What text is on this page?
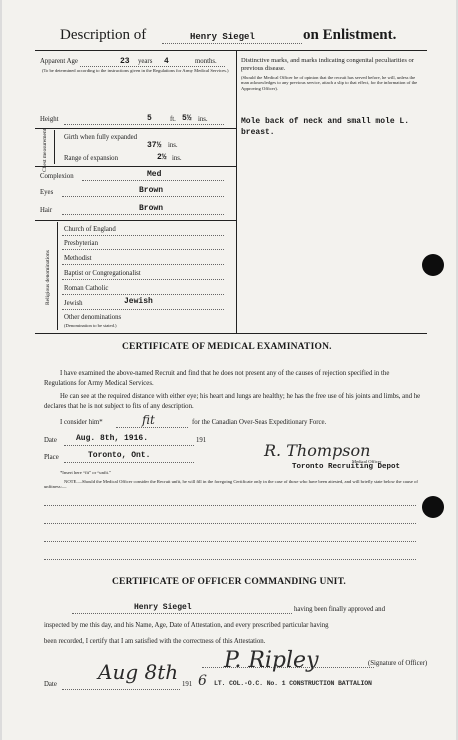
Description of	Henry Siegel	on Enlistment.
Apparent Age	23 years 4	months.
(To be determined according to the instructions given in the Regulations for Army Medical Services.)
Height	5	ft. 5½ ins.
Chest measurement Girth when fully expanded
37½ ins.
Range of expansion	2½ ins.
Complexion	Med
Eyes	Brown
Hair	Brown
Religious denominations
Church of England
Presbyterian
Methodist
Baptist or Congregationalist
Roman Catholic
Jewish	Jewish
Other denominations
(Denomination to be stated.)
Distinctive marks, and marks indicating congenital peculiarities or previous disease.
(Should the Medical Officer be of opinion that the recruit has served before, he will, unless the man acknowledges to any previous service, attach a slip to that effect, for the information of the Approving Officer).
Mole back of neck and small mole L. breast.
CERTIFICATE OF MEDICAL EXAMINATION.
I have examined the above-named Recruit and find that he does not present any of the causes of rejection specified in the Regulations for Army Medical Services.
He can see at the required distance with either eye; his heart and lungs are healthy; he has the free use of his joints and limbs, and he declares that he is not subject to fits of any description.
I consider him*	fit	for the Canadian Over-Seas Expeditionary Force.
Date Aug. 8th, 1916.	191
Place	Toronto, Ont.	R. Thompson
Medical Officer
Toronto Recruiting Depot
*Insert here “fit” or “unfit.”
NOTE.—Should the Medical Officer consider the Recruit unfit, he will fill in the foregoing Certificate only in the case of those who have been attested, and will briefly state below the cause of unfitness:—
CERTIFICATE OF OFFICER COMMANDING UNIT.
Henry Siegel	having been finally approved and
inspected by me this day, and his Name, Age, Date of Attestation, and every prescribed particular having
been recorded, I certify that I am satisfied with the correctness of this Attestation.
P. Ripley	(Signature of Officer)
Date
Aug 8th
191 6 LT. COL.-O.C. No. 1 CONSTRUCTION BATTALION
